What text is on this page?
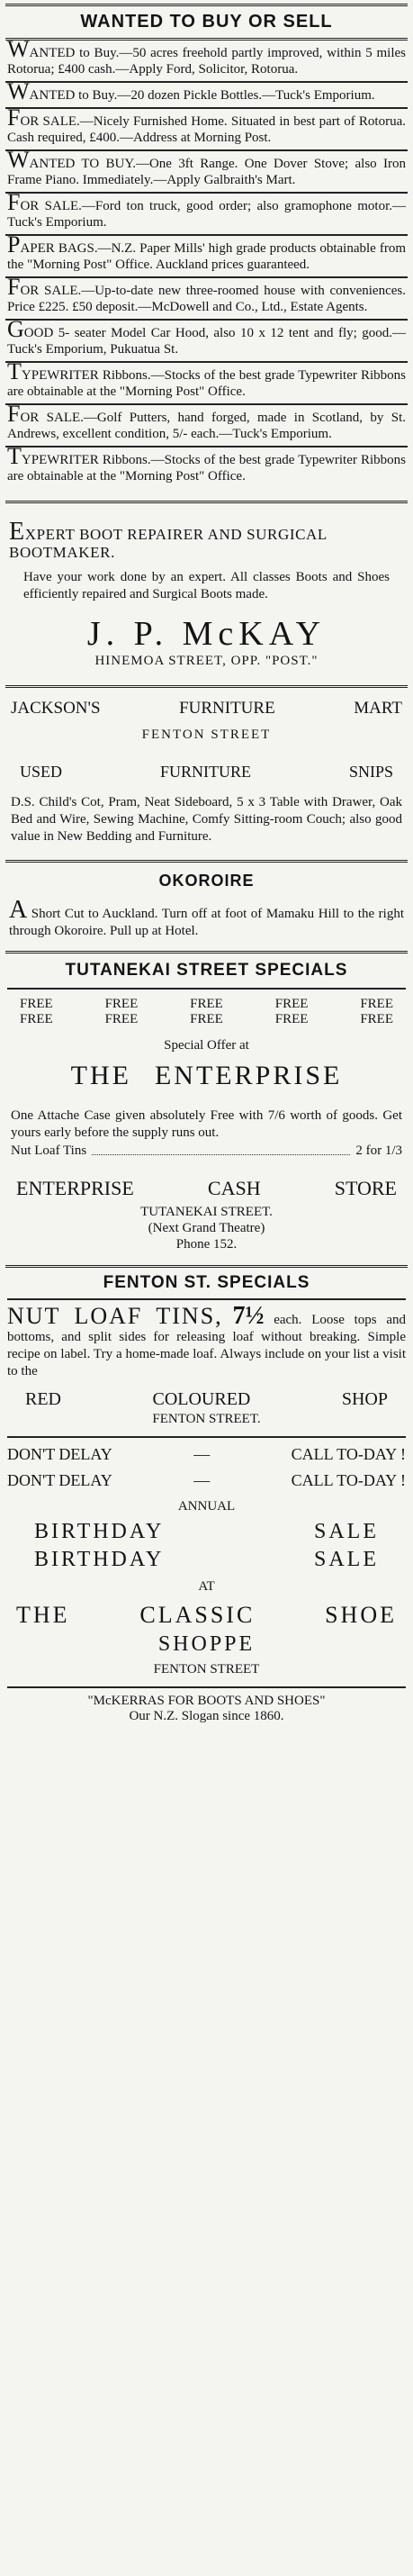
WANTED TO BUY OR SELL
WANTED to Buy.—50 acres freehold partly improved, within 5 miles Rotorua; £400 cash.—Apply Ford, Solicitor, Rotorua.
WANTED to Buy.—20 dozen Pickle Bottles.—Tuck's Emporium.
FOR SALE.—Nicely Furnished Home. Situated in best part of Rotorua. Cash required, £400.—Address at Morning Post.
WANTED TO BUY.—One 3ft Range. One Dover Stove; also Iron Frame Piano. Immediately.—Apply Galbraith's Mart.
FOR SALE.—Ford ton truck, good order; also gramophone motor.—Tuck's Emporium.
PAPER BAGS.—N.Z. Paper Mills' high grade products obtainable from the "Morning Post" Office. Auckland prices guaranteed.
FOR SALE.—Up-to-date new three-roomed house with conveniences. Price £225. £50 deposit.—McDowell and Co., Ltd., Estate Agents.
GOOD 5- seater Model Car Hood, also 10 x 12 tent and fly; good.—Tuck's Emporium, Pukuatua St.
TYPEWRITER Ribbons.—Stocks of the best grade Typewriter Ribbons are obtainable at the "Morning Post" Office.
FOR SALE.—Golf Putters, hand forged, made in Scotland, by St. Andrews, excellent condition, 5/- each.—Tuck's Emporium.
TYPEWRITER Ribbons.—Stocks of the best grade Typewriter Ribbons are obtainable at the "Morning Post" Office.
EXPERT BOOT REPAIRER AND SURGICAL BOOTMAKER.
Have your work done by an expert. All classes Boots and Shoes efficiently repaired and Surgical Boots made.
J. P. McKAY
HINEMOA STREET, OPP. "POST."
JACKSON'S	FURNITURE	MART
FENTON STREET
USED	FURNITURE	SNIPS
D.S. Child's Cot, Pram, Neat Sideboard, 5 x 3 Table with Drawer, Oak Bed and Wire, Sewing Machine, Comfy Sitting-room Couch; also good value in New Bedding and Furniture.
OKOROIRE
A Short Cut to Auckland. Turn off at foot of Mamaku Hill to the right through Okoroire. Pull up at Hotel.
TUTANEKAI STREET SPECIALS
FREE	FREE	FREE	FREE	FREE
FREE	FREE	FREE	FREE	FREE
Special Offer at
THE ENTERPRISE
One Attache Case given absolutely Free with 7/6 worth of goods. Get yours early before the supply runs out.
Nut Loaf Tins	2 for 1/3
ENTERPRISE	CASH	STORE
TUTANEKAI STREET.
(Next Grand Theatre)
Phone 152.
FENTON ST. SPECIALS
NUT LOAF TINS, 7½ each. Loose tops and bottoms, and split sides for releasing loaf without breaking. Simple recipe on label. Try a home-made loaf. Always include on your list a visit to the
RED	COLOURED	SHOP
FENTON STREET.
DON'T DELAY	—	CALL TO-DAY !
DON'T DELAY	—	CALL TO-DAY !
ANNUAL
BIRTHDAY	SALE
BIRTHDAY	SALE
AT
THE	CLASSIC	SHOE
SHOPPE
FENTON STREET
"McKERRAS FOR BOOTS AND SHOES"
Our N.Z. Slogan since 1860.
